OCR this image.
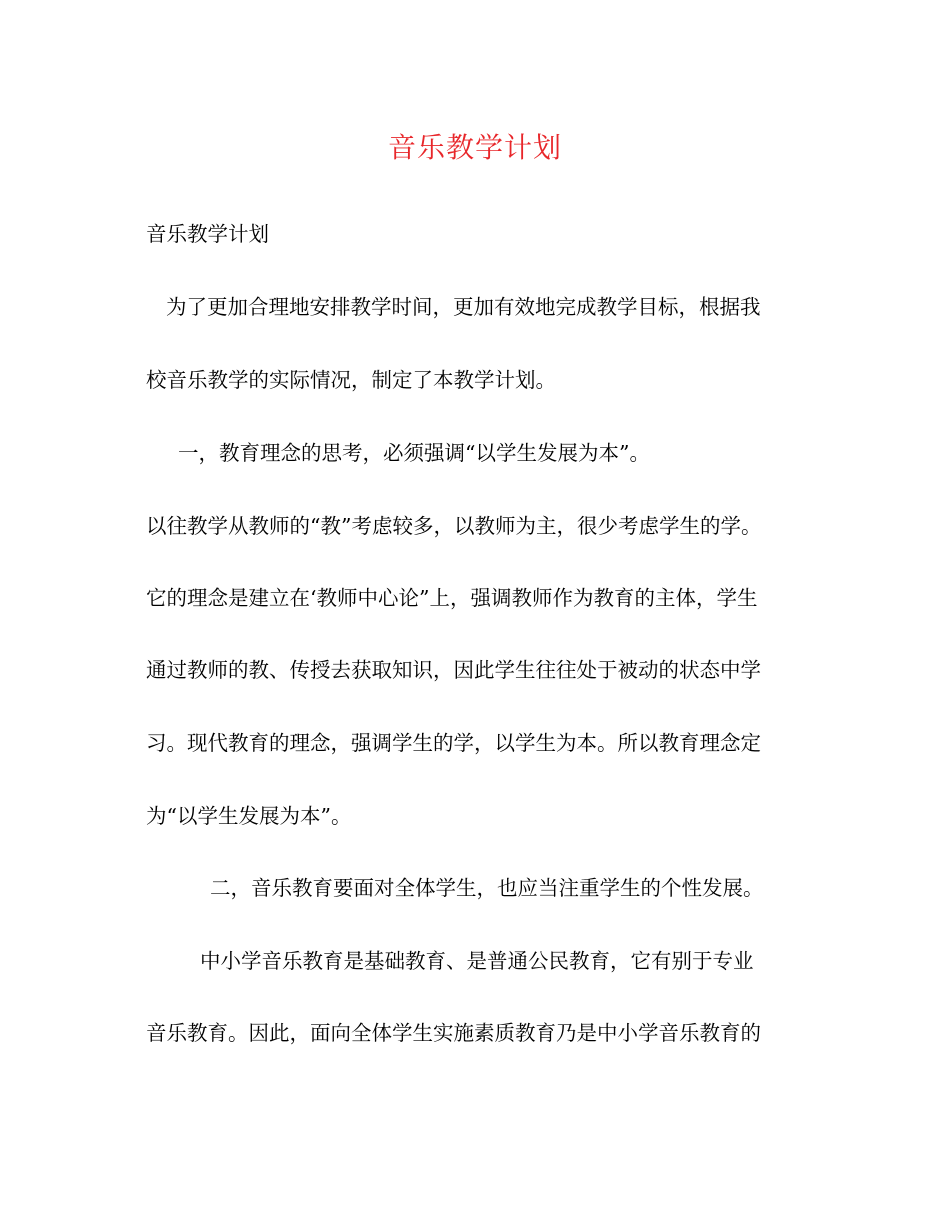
音乐教学计划
音乐教学计划
为了更加合理地安排教学时间，更加有效地完成教学目标，根据我
校音乐教学的实际情况，制定了本教学计划。
一，教育理念的思考，必须强调“以学生发展为本”。
以往教学从教师的“教”考虑较多，以教师为主，很少考虑学生的学。
它的理念是建立在‘教师中心论”上，强调教师作为教育的主体，学生
通过教师的教、传授去获取知识，因此学生往往处于被动的状态中学
习。现代教育的理念，强调学生的学，以学生为本。所以教育理念定
为“以学生发展为本”。
二，音乐教育要面对全体学生，也应当注重学生的个性发展。
中小学音乐教育是基础教育、是普通公民教育，它有别于专业
音乐教育。因此，面向全体学生实施素质教育乃是中小学音乐教育的
